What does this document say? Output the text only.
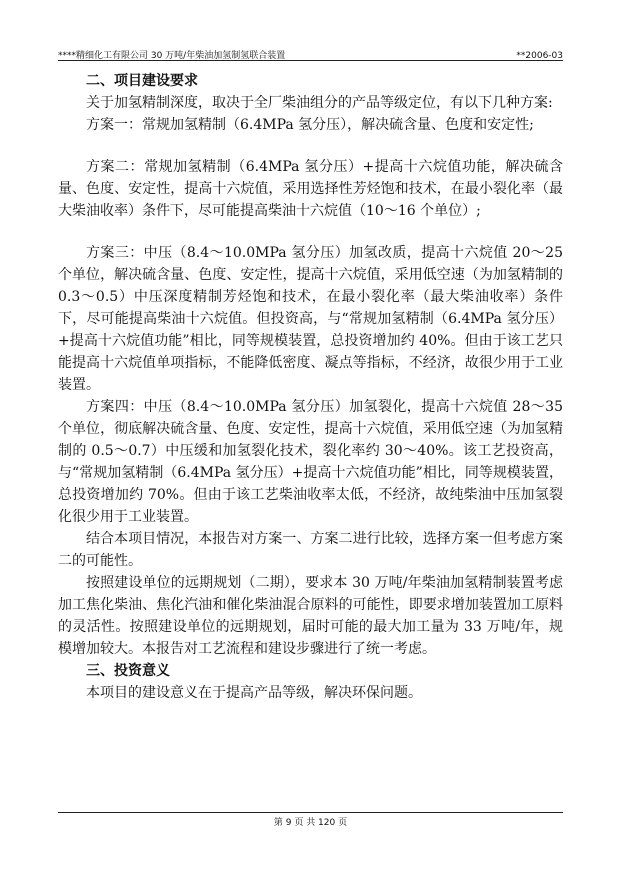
****精细化工有限公司 30 万吨/年柴油加氢制氢联合装置	**2006-03

二、项目建设要求

关于加氢精制深度，取决于全厂柴油组分的产品等级定位，有以下几种方案:

方案一：常规加氢精制（6.4MPa 氢分压），解决硫含量、色度和安定性;

方案二：常规加氢精制（6.4MPa 氢分压）+提高十六烷值功能，解决硫含量、色度、安定性，提高十六烷值，采用选择性芳烃饱和技术，在最小裂化率（最大柴油收率）条件下，尽可能提高柴油十六烷值（10～16 个单位）;

方案三：中压（8.4～10.0MPa 氢分压）加氢改质，提高十六烷值 20～25 个单位，解决硫含量、色度、安定性，提高十六烷值，采用低空速（为加氢精制的 0.3～0.5）中压深度精制芳烃饱和技术，在最小裂化率（最大柴油收率）条件下，尽可能提高柴油十六烷值。但投资高，与“常规加氢精制（6.4MPa 氢分压）+提高十六烷值功能”相比，同等规模装置，总投资增加约 40%。但由于该工艺只能提高十六烷值单项指标，不能降低密度、凝点等指标，不经济，故很少用于工业装置。

方案四：中压（8.4～10.0MPa 氢分压）加氢裂化，提高十六烷值 28～35 个单位，彻底解决硫含量、色度、安定性，提高十六烷值，采用低空速（为加氢精制的 0.5～0.7）中压缓和加氢裂化技术，裂化率约 30～40%。该工艺投资高，与“常规加氢精制（6.4MPa 氢分压）+提高十六烷值功能”相比，同等规模装置，总投资增加约 70%。但由于该工艺柴油收率太低，不经济，故纯柴油中压加氢裂化很少用于工业装置。

结合本项目情况，本报告对方案一、方案二进行比较，选择方案一但考虑方案二的可能性。

按照建设单位的远期规划（二期），要求本 30 万吨/年柴油加氢精制装置考虑加工焦化柴油、焦化汽油和催化柴油混合原料的可能性，即要求增加装置加工原料的灵活性。按照建设单位的远期规划，届时可能的最大加工量为 33 万吨/年，规模增加较大。本报告对工艺流程和建设步骤进行了统一考虑。

三、投资意义

本项目的建设意义在于提高产品等级，解决环保问题。

第 9 页 共 120 页
